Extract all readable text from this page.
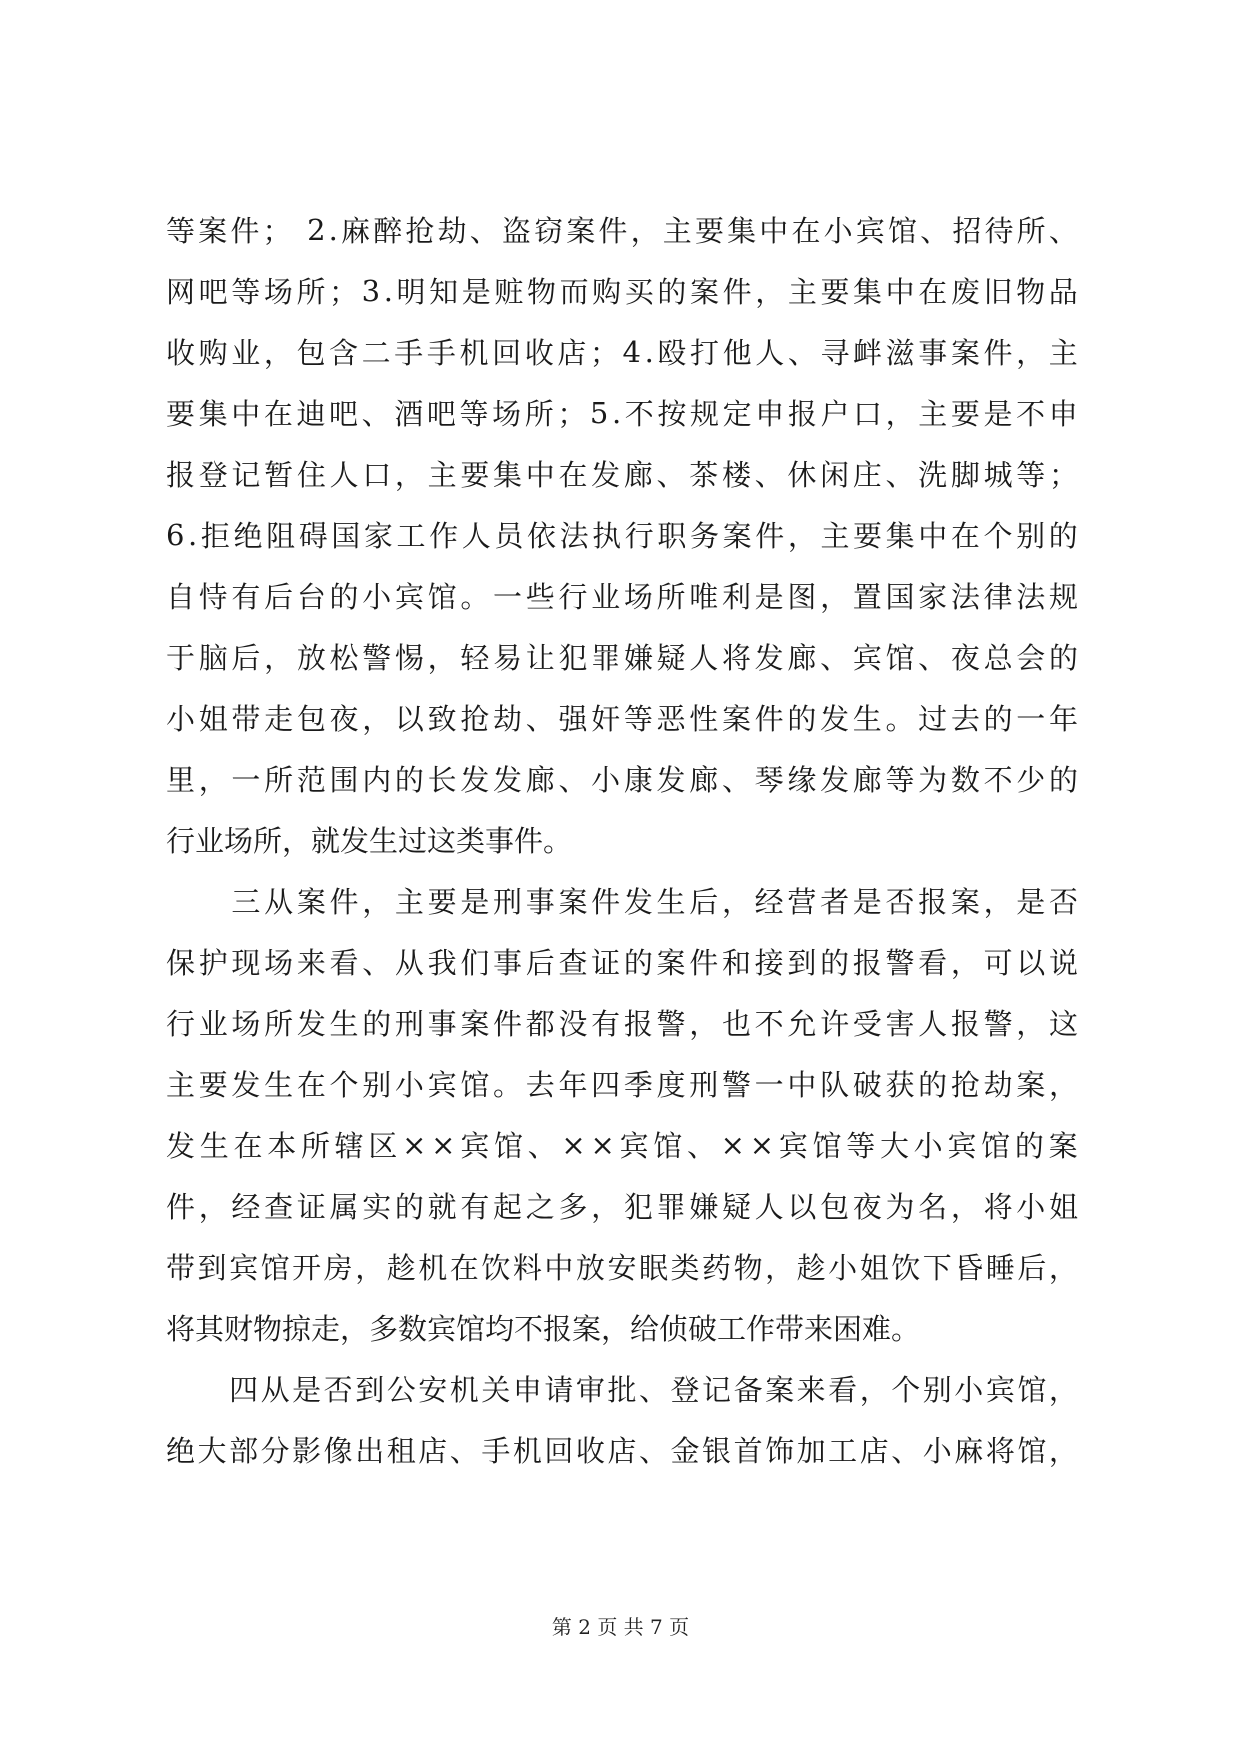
等 案 件 ；
2 . 麻 醉 抢 劫 、 盗 窃 案 件 ， 主 要 集 中 在 小 宾 馆 、 招 待 所 、
网 吧 等 场 所 ； 3 . 明 知 是 赃 物 而 购 买 的 案 件 ， 主 要 集 中 在 废 旧 物 品
收 购 业 ， 包 含 二 手 手 机 回 收 店 ； 4 . 殴 打 他 人 、 寻 衅 滋 事 案 件 ， 主
要 集 中 在 迪 吧 、 酒 吧 等 场 所 ； 5 . 不 按 规 定 申 报 户 口 ， 主 要 是 不 申
报 登 记 暂 住 人 口 ， 主 要 集 中 在 发 廊 、 茶 楼 、 休 闲 庄 、 洗 脚 城 等 ；
6 . 拒 绝 阻 碍 国 家 工 作 人 员 依 法 执 行 职 务 案 件 ， 主 要 集 中 在 个 别 的
自 恃 有 后 台 的 小 宾 馆 。 一 些 行 业 场 所 唯 利 是 图 ， 置 国 家 法 律 法 规
于 脑 后 ， 放 松 警 惕 ， 轻 易 让 犯 罪 嫌 疑 人 将 发 廊 、 宾 馆 、 夜 总 会 的
小 姐 带 走 包 夜 ， 以 致 抢 劫 、 强 奸 等 恶 性 案 件 的 发 生 。 过 去 的 一 年
里 ， 一 所 范 围 内 的 长 发 发 廊 、 小 康 发 廊 、 琴 缘 发 廊 等 为 数 不 少 的
行业场所，就发生过这类事件。

三 从 案 件 ， 主 要 是 刑 事 案 件 发 生 后 ， 经 营 者 是 否 报 案 ， 是 否
保 护 现 场 来 看 、 从 我 们 事 后 查 证 的 案 件 和 接 到 的 报 警 看 ， 可 以 说
行 业 场 所 发 生 的 刑 事 案 件 都 没 有 报 警 ， 也 不 允 许 受 害 人 报 警 ， 这
主 要 发 生 在 个 别 小 宾 馆 。 去 年 四 季 度 刑 警 一 中 队 破 获 的 抢 劫 案 ，
发 生 在 本 所 辖 区 × × 宾 馆 、 × × 宾 馆 、 × × 宾 馆 等 大 小 宾 馆 的 案
件 ， 经 查 证 属 实 的 就 有 起 之 多 ， 犯 罪 嫌 疑 人 以 包 夜 为 名 ， 将 小 姐
带 到 宾 馆 开 房 ， 趁 机 在 饮 料 中 放 安 眠 类 药 物 ， 趁 小 姐 饮 下 昏 睡 后 ，
将其财物掠走，多数宾馆均不报案，给侦破工作带来困难。

四 从 是 否 到 公 安 机 关 申 请 审 批 、 登 记 备 案 来 看 ， 个 别 小 宾 馆 ，
绝 大 部 分 影 像 出 租 店 、 手 机 回 收 店 、 金 银 首 饰 加 工 店 、 小 麻 将 馆 ，
第 2 页 共 7 页
